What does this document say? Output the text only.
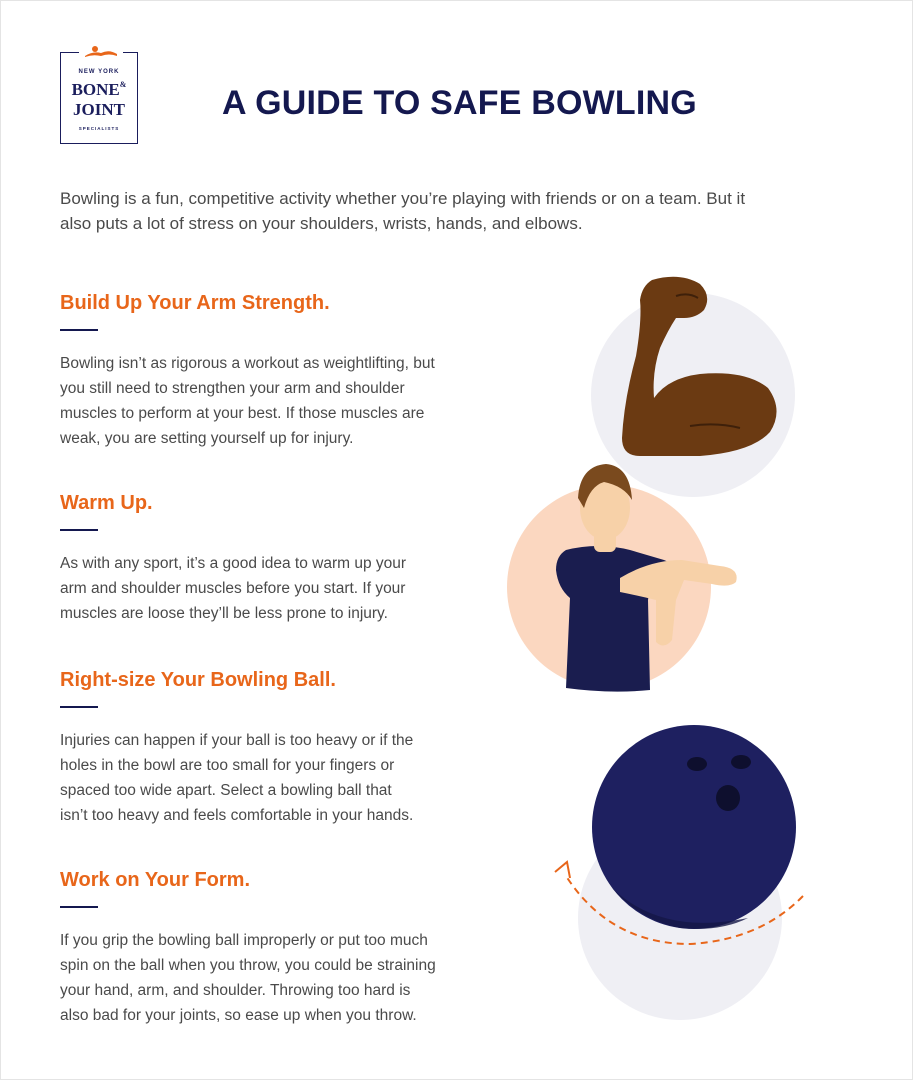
NEW YORK
BONE&
JOINT
SPECIALISTS
A GUIDE TO SAFE BOWLING
Bowling is a fun, competitive activity whether you’re playing with friends or on a team. But it also puts a lot of stress on your shoulders, wrists, hands, and elbows.
Build Up Your Arm Strength.

Bowling isn’t as rigorous a workout as weightlifting, but you still need to strengthen your arm and shoulder muscles to perform at your best. If those muscles are weak, you are setting yourself up for injury.

Warm Up.

As with any sport, it’s a good idea to warm up your arm and shoulder muscles before you start. If your muscles are loose they’ll be less prone to injury.

Right-size Your Bowling Ball.

Injuries can happen if your ball is too heavy or if the holes in the bowl are too small for your fingers or spaced too wide apart. Select a bowling ball that isn’t too heavy and feels comfortable in your hands.

Work on Your Form.

If you grip the bowling ball improperly or put too much spin on the ball when you throw, you could be straining your hand, arm, and shoulder. Throwing too hard is also bad for your joints, so ease up when you throw.
